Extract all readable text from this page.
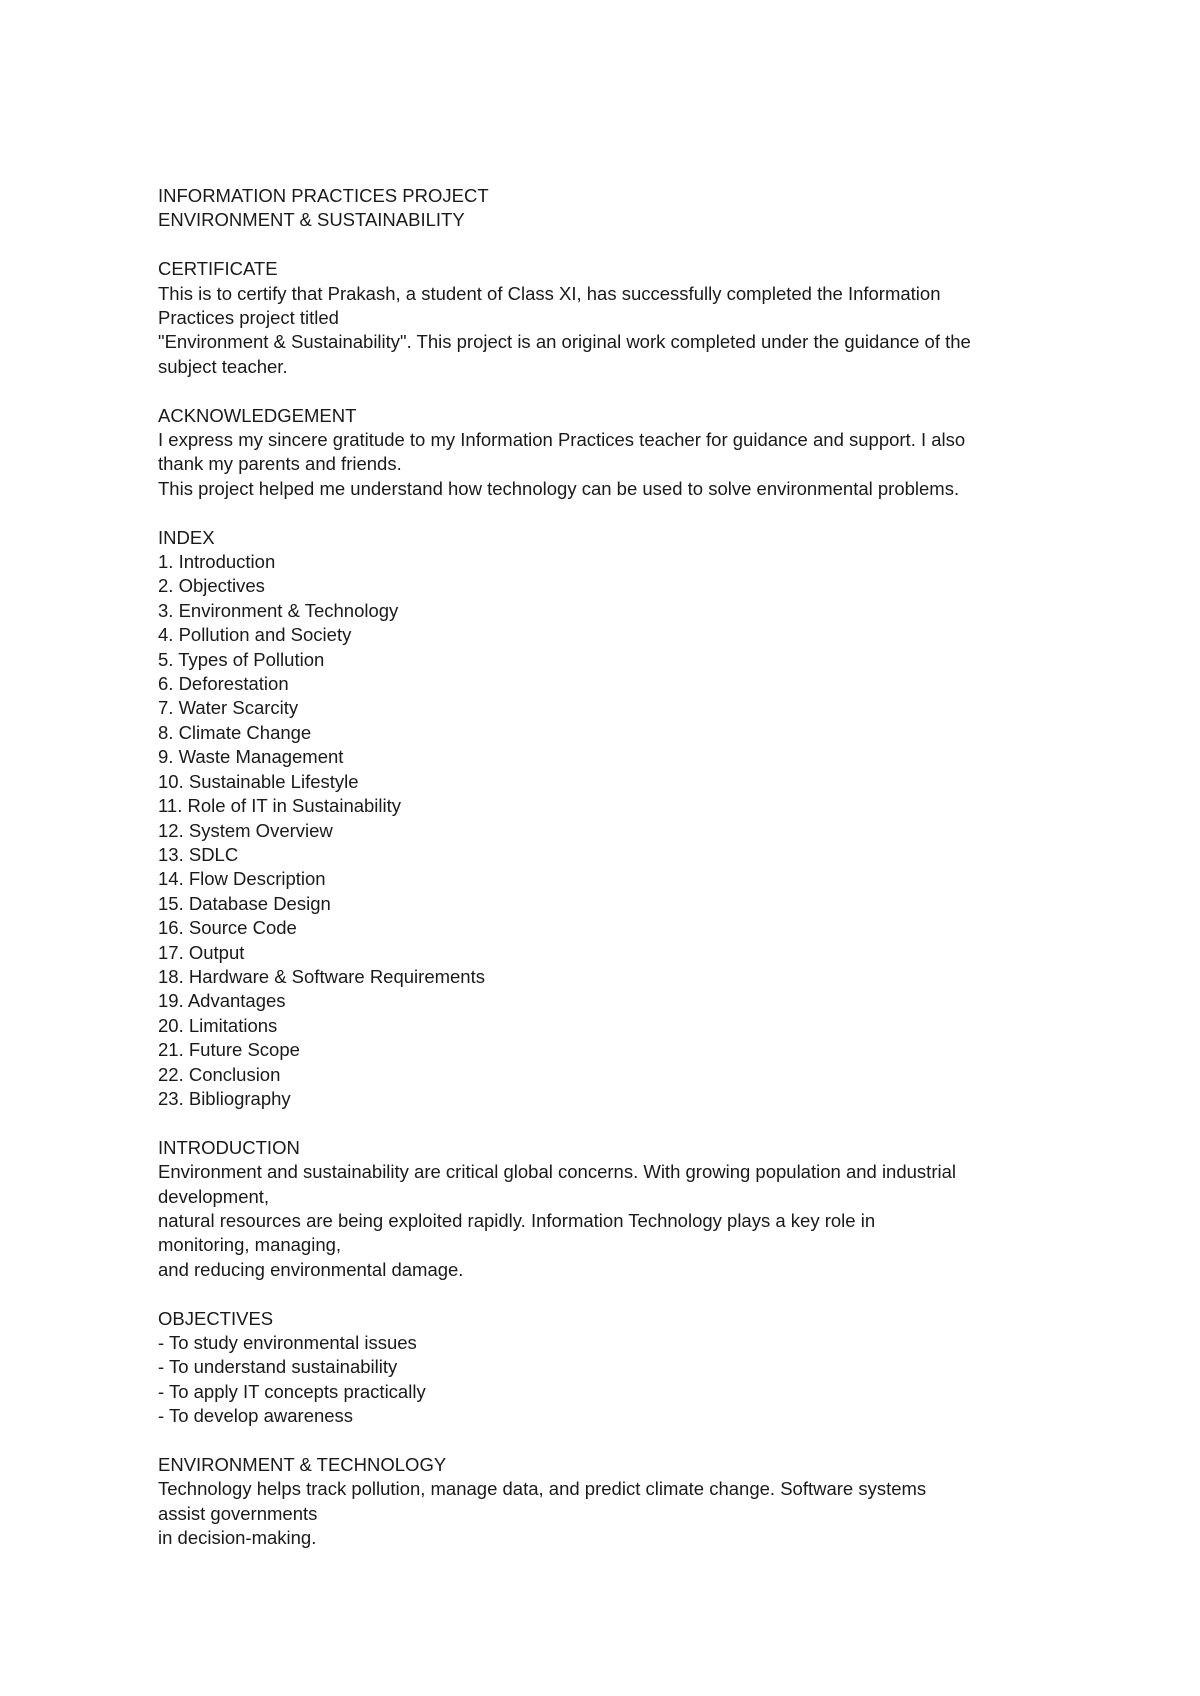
INFORMATION PRACTICES PROJECT
ENVIRONMENT & SUSTAINABILITY
CERTIFICATE
This is to certify that Prakash, a student of Class XI, has successfully completed the Information
Practices project titled
"Environment & Sustainability". This project is an original work completed under the guidance of the
subject teacher.
ACKNOWLEDGEMENT
I express my sincere gratitude to my Information Practices teacher for guidance and support. I also
thank my parents and friends.
This project helped me understand how technology can be used to solve environmental problems.
INDEX
1. Introduction
2. Objectives
3. Environment & Technology
4. Pollution and Society
5. Types of Pollution
6. Deforestation
7. Water Scarcity
8. Climate Change
9. Waste Management
10. Sustainable Lifestyle
11. Role of IT in Sustainability
12. System Overview
13. SDLC
14. Flow Description
15. Database Design
16. Source Code
17. Output
18. Hardware & Software Requirements
19. Advantages
20. Limitations
21. Future Scope
22. Conclusion
23. Bibliography
INTRODUCTION
Environment and sustainability are critical global concerns. With growing population and industrial
development,
natural resources are being exploited rapidly. Information Technology plays a key role in
monitoring, managing,
and reducing environmental damage.
OBJECTIVES
- To study environmental issues
- To understand sustainability
- To apply IT concepts practically
- To develop awareness
ENVIRONMENT & TECHNOLOGY
Technology helps track pollution, manage data, and predict climate change. Software systems
assist governments
in decision-making.
